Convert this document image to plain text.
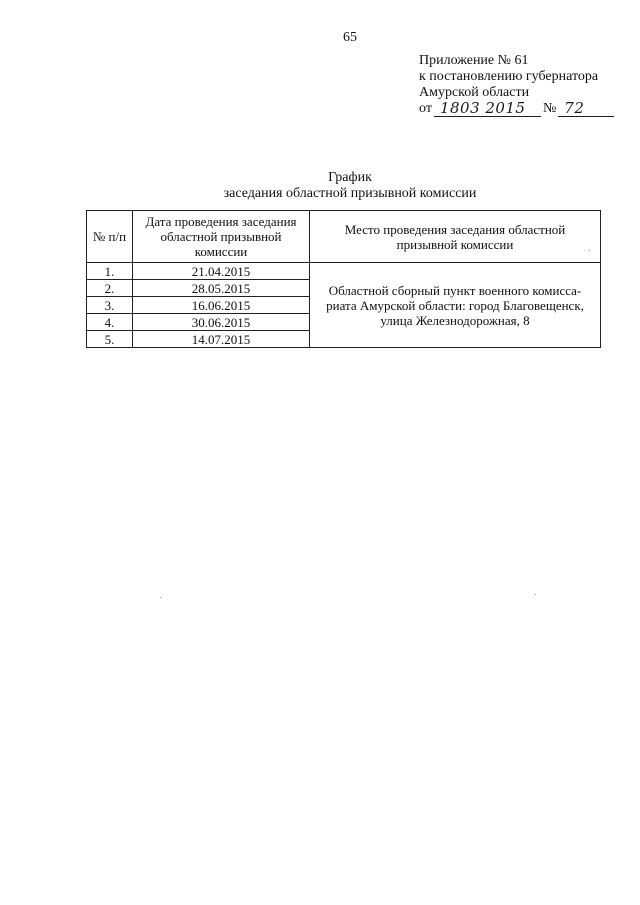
65
Приложение № 61
к постановлению губернатора
Амурской области
от 1803 2015	№ 72
График
заседания областной призывной комиссии
№ п/п	Дата проведения заседания областной призывной комиссии	Место проведения заседания областной призывной комиссии
1.	21.04.2015	Областной сборный пункт военного комисса-риата Амурской области: город Благовещенск, улица Железнодорожная, 8

2.	28.05.2015	
3.	16.06.2015	
4.	30.06.2015	
5.	14.07.2015	
